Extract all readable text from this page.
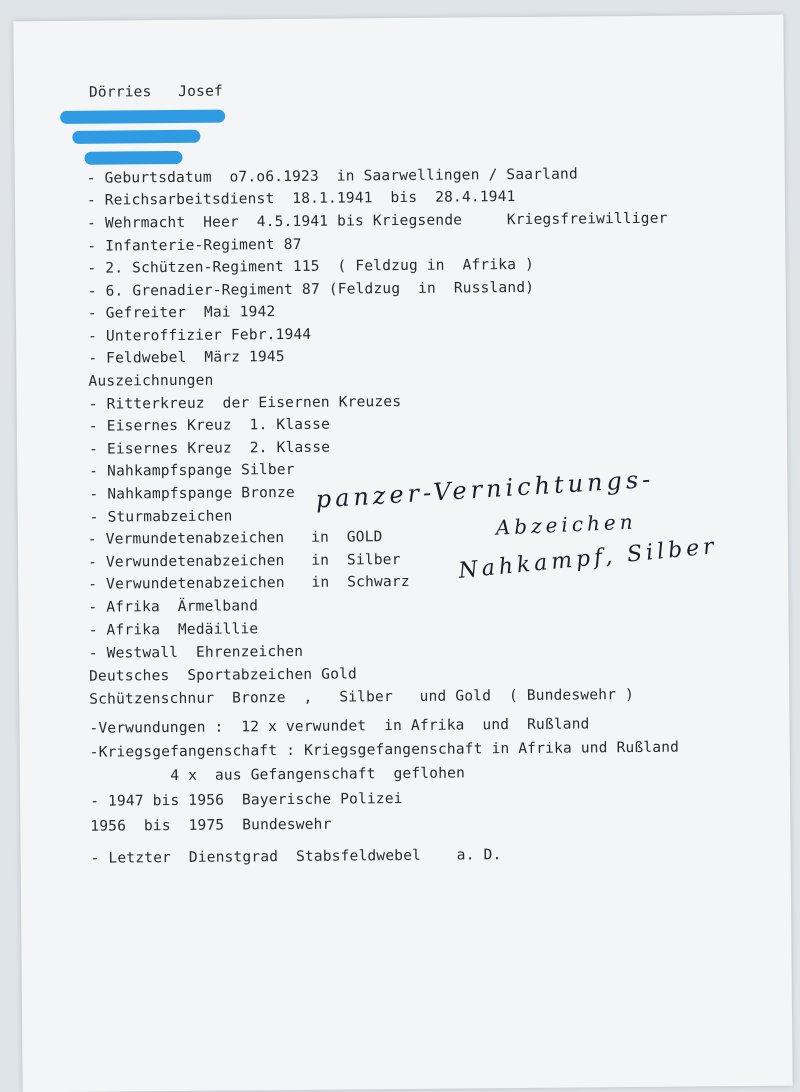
Dörries   Josef
- Geburtsdatum  o7.o6.1923  in Saarwellingen / Saarland
- Reichsarbeitsdienst  18.1.1941  bis  28.4.1941
- Wehrmacht  Heer  4.5.1941 bis Kriegsende     Kriegsfreiwilliger
- Infanterie-Regiment 87
- 2. Schützen-Regiment 115  ( Feldzug in  Afrika )
- 6. Grenadier-Regiment 87 (Feldzug  in  Russland)
- Gefreiter  Mai 1942
- Unteroffizier Febr.1944
- Feldwebel  März 1945
Auszeichnungen
- Ritterkreuz  der Eisernen Kreuzes
- Eisernes Kreuz  1. Klasse
- Eisernes Kreuz  2. Klasse
- Nahkampfspange Silber
- Nahkampfspange Bronze
- Sturmabzeichen
- Vermundetenabzeichen   in  GOLD
- Verwundetenabzeichen   in  Silber
- Verwundetenabzeichen   in  Schwarz
- Afrika  Ärmelband
- Afrika  Medäillie
- Westwall  Ehrenzeichen
Deutsches  Sportabzeichen Gold
Schützenschnur  Bronze  ,   Silber   und Gold  ( Bundeswehr )
-Verwundungen :  12 x verwundet  in Afrika  und  Rußland
-Kriegsgefangenschaft : Kriegsgefangenschaft in Afrika und Rußland
4 x  aus Gefangenschaft  geflohen
- 1947 bis 1956  Bayerische Polizei
1956  bis  1975  Bundeswehr
- Letzter  Dienstgrad  Stabsfeldwebel    a. D.
panzer-Vernichtungs-
Abzeichen
Nahkampf, Silber
